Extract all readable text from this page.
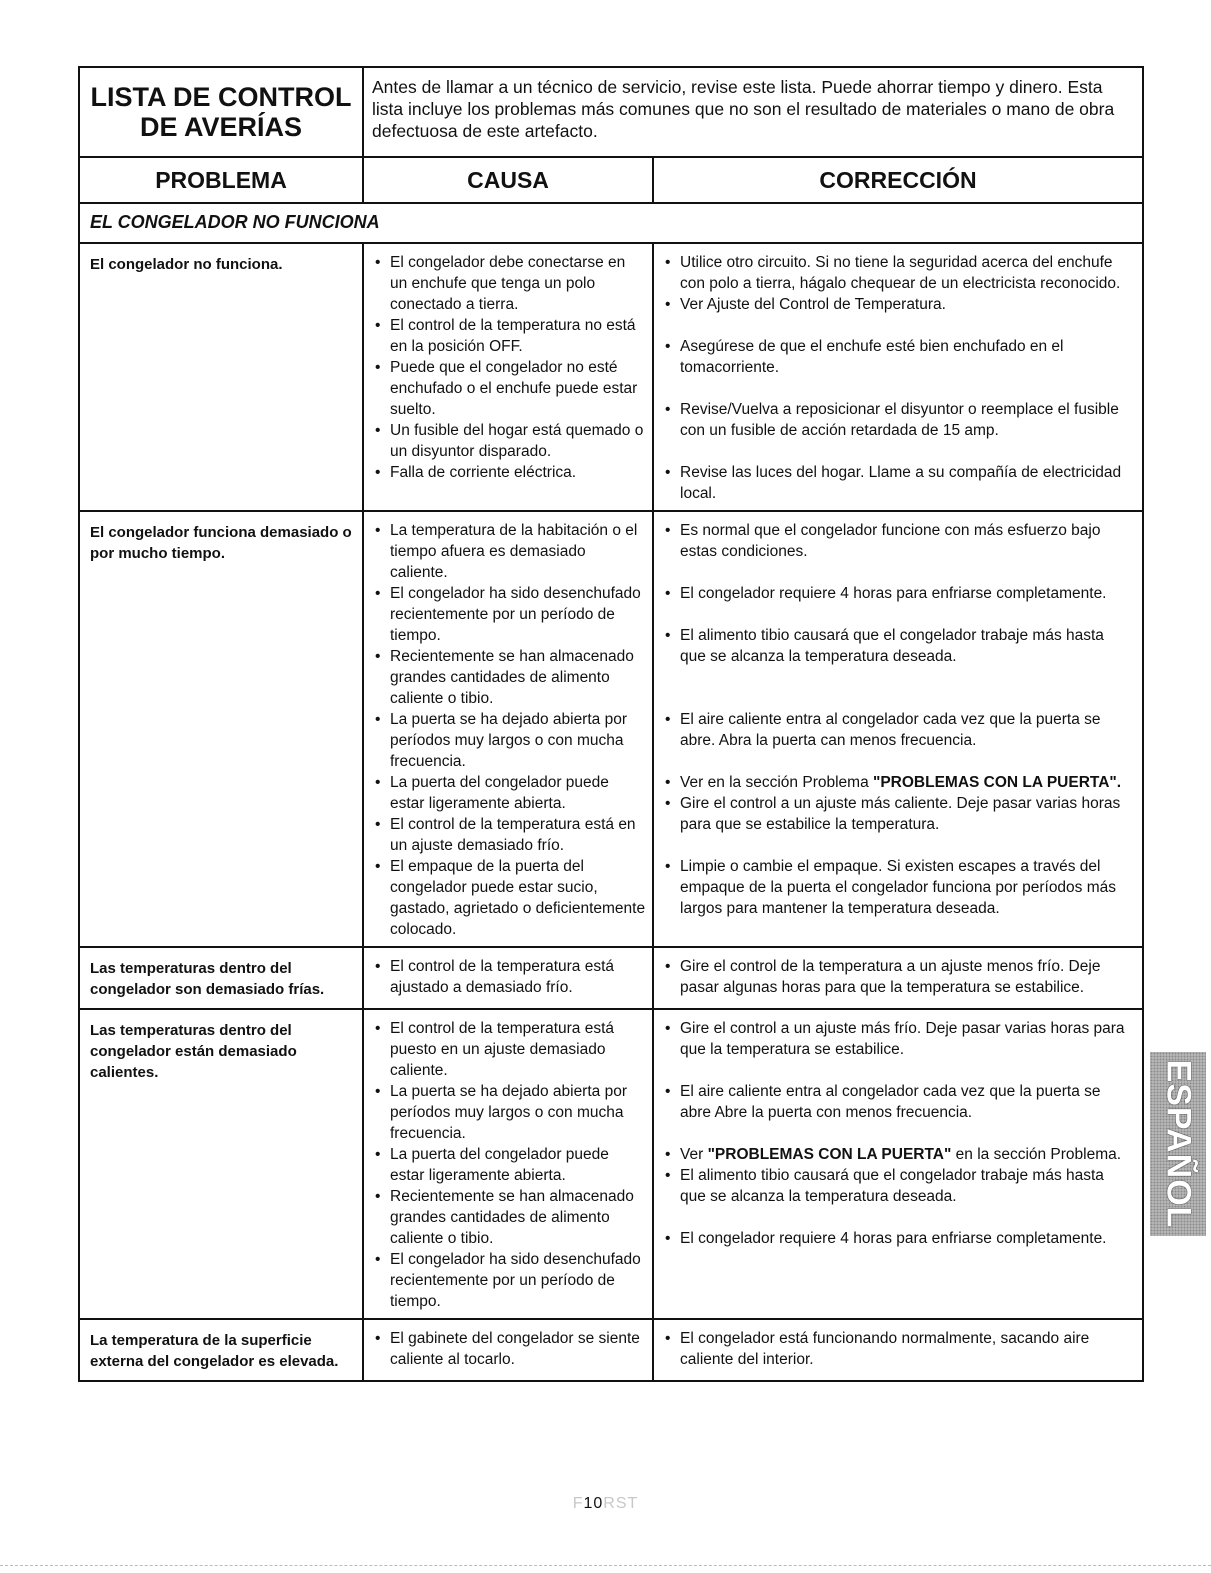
LISTA DE CONTROL
DE AVERÍAS
Antes de llamar a un técnico de servicio, revise este lista. Puede ahorrar tiempo y dinero. Esta lista incluye los problemas más comunes que no son el resultado de materiales o mano de obra defectuosa de este artefacto.
PROBLEMA	CAUSA	CORRECCIÓN
EL CONGELADOR NO FUNCIONA
El congelador no funciona.
•	El congelador debe conectarse en un enchufe que tenga un polo conectado a tierra.
• El control de la temperatura no está en la posición OFF.
• Puede que el congelador no esté enchufado o el enchufe puede estar suelto.
• Un fusible del hogar está quemado o un disyuntor disparado.
• Falla de corriente eléctrica.
• Utilice otro circuito. Si no tiene la seguridad acerca del enchufe con polo a tierra, hágalo chequear de un electricista reconocido.
• Ver Ajuste del Control de Temperatura.
• Asegúrese de que el enchufe esté bien enchufado en el tomacorriente.
• Revise/Vuelva a reposicionar el disyuntor o reemplace el fusible con un fusible de acción retardada de 15 amp.
• Revise las luces del hogar. Llame a su compañía de electricidad local.
El congelador funciona demasiado o por mucho tiempo.
• La temperatura de la habitación o el tiempo afuera es demasiado caliente.
• El congelador ha sido desenchufado recientemente por un período de tiempo.
• Recientemente se han almacenado grandes cantidades de alimento caliente o tibio.
• La puerta se ha dejado abierta por períodos muy largos o con mucha frecuencia.
• La puerta del congelador puede estar ligeramente abierta.
• El control de la temperatura está en un ajuste demasiado frío.
• El empaque de la puerta del congelador puede estar sucio, gastado, agrietado o deficientemente colocado.
• Es normal que el congelador funcione con más esfuerzo bajo estas condiciones.
• El congelador requiere 4 horas para enfriarse completamente.
• El alimento tibio causará que el congelador trabaje más hasta que se alcanza la temperatura deseada.
• El aire caliente entra al congelador cada vez que la puerta se abre. Abra la puerta can menos frecuencia.
• Ver en la sección Problema "PROBLEMAS CON LA PUERTA".
• Gire el control a un ajuste más caliente. Deje pasar varias horas para que se estabilice la temperatura.
• Limpie o cambie el empaque. Si existen escapes a través del empaque de la puerta el congelador funciona por períodos más largos para mantener la temperatura deseada.
Las temperaturas dentro del congelador son demasiado frías.
• El control de la temperatura está ajustado a demasiado frío.
• Gire el control de la temperatura a un ajuste menos frío. Deje pasar algunas horas para que la temperatura se estabilice.
Las temperaturas dentro del congelador están demasiado calientes.
• El control de la temperatura está puesto en un ajuste demasiado caliente.
• La puerta se ha dejado abierta por períodos muy largos o con mucha frecuencia.
• La puerta del congelador puede estar ligeramente abierta.
• Recientemente se han almacenado grandes cantidades de alimento caliente o tibio.
• El congelador ha sido desenchufado recientemente por un período de tiempo.
• Gire el control a un ajuste más frío. Deje pasar varias horas para que la temperatura se estabilice.
• El aire caliente entra al congelador cada vez que la puerta se abre Abre la puerta con menos frecuencia.
• Ver "PROBLEMAS CON LA PUERTA" en la sección Problema.
• El alimento tibio causará que el congelador trabaje más hasta que se alcanza la temperatura deseada.
• El congelador requiere 4 horas para enfriarse completamente.
La temperatura de la superficie externa del congelador es elevada.
• El gabinete del congelador se siente caliente al tocarlo.
• El congelador está funcionando normalmente, sacando aire caliente del interior.
ESPAÑOL
F10RST
